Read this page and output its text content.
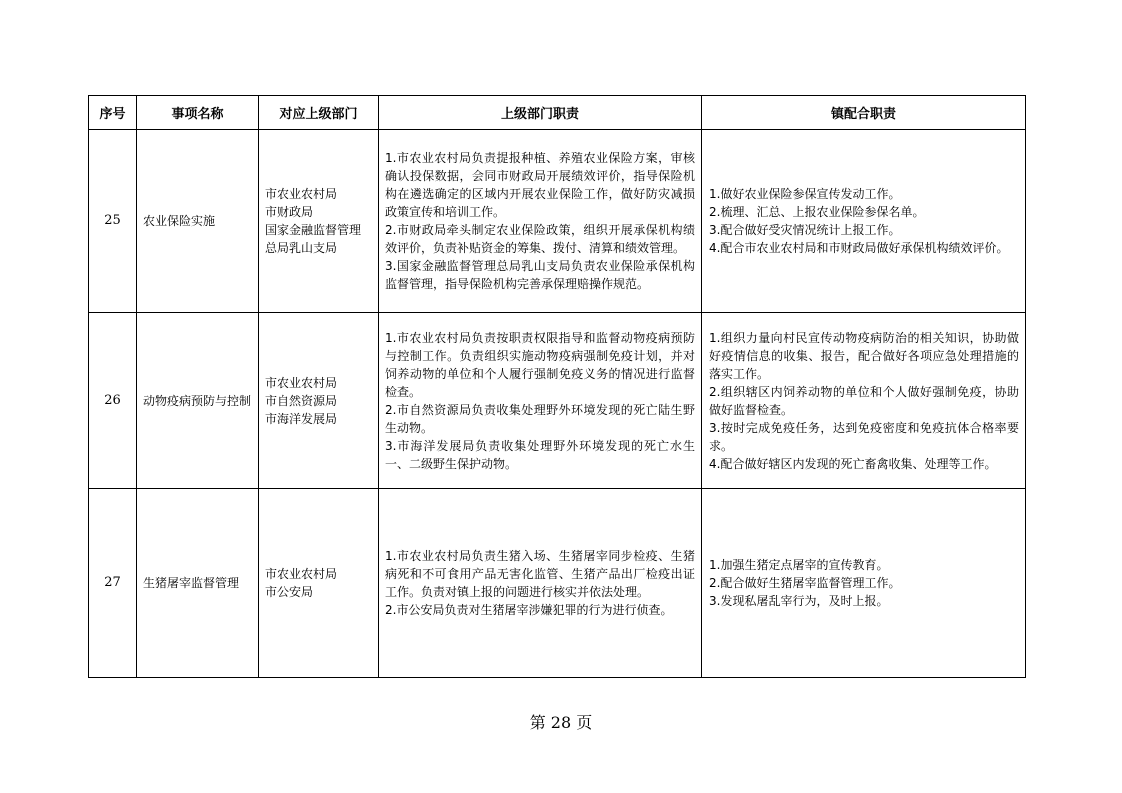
序号	事项名称	对应上级部门	上级部门职责	镇配合职责
25	农业保险实施	市农业农村局
市财政局
国家金融监督管理总局乳山支局	1.市农业农村局负责提报种植、养殖农业保险方案，审核确认投保数据，会同市财政局开展绩效评价，指导保险机构在遴选确定的区域内开展农业保险工作，做好防灾减损政策宣传和培训工作。
2.市财政局牵头制定农业保险政策，组织开展承保机构绩效评价，负责补贴资金的筹集、拨付、清算和绩效管理。
3.国家金融监督管理总局乳山支局负责农业保险承保机构监督管理，指导保险机构完善承保理赔操作规范。	1.做好农业保险参保宣传发动工作。
2.梳理、汇总、上报农业保险参保名单。
3.配合做好受灾情况统计上报工作。
4.配合市农业农村局和市财政局做好承保机构绩效评价。

26	动物疫病预防与控制	市农业农村局
市自然资源局
市海洋发展局	1.市农业农村局负责按职责权限指导和监督动物疫病预防与控制工作。负责组织实施动物疫病强制免疫计划，并对饲养动物的单位和个人履行强制免疫义务的情况进行监督检查。
2.市自然资源局负责收集处理野外环境发现的死亡陆生野生动物。
3.市海洋发展局负责收集处理野外环境发现的死亡水生一、二级野生保护动物。	1.组织力量向村民宣传动物疫病防治的相关知识，协助做好疫情信息的收集、报告，配合做好各项应急处理措施的落实工作。
2.组织辖区内饲养动物的单位和个人做好强制免疫，协助做好监督检查。
3.按时完成免疫任务，达到免疫密度和免疫抗体合格率要求。
4.配合做好辖区内发现的死亡畜禽收集、处理等工作。

27	生猪屠宰监督管理	市农业农村局
市公安局	1.市农业农村局负责生猪入场、生猪屠宰同步检疫、生猪病死和不可食用产品无害化监管、生猪产品出厂检疫出证工作。负责对镇上报的问题进行核实并依法处理。
2.市公安局负责对生猪屠宰涉嫌犯罪的行为进行侦查。	1.加强生猪定点屠宰的宣传教育。
2.配合做好生猪屠宰监督管理工作。
3.发现私屠乱宰行为，及时上报。
第 28 页
